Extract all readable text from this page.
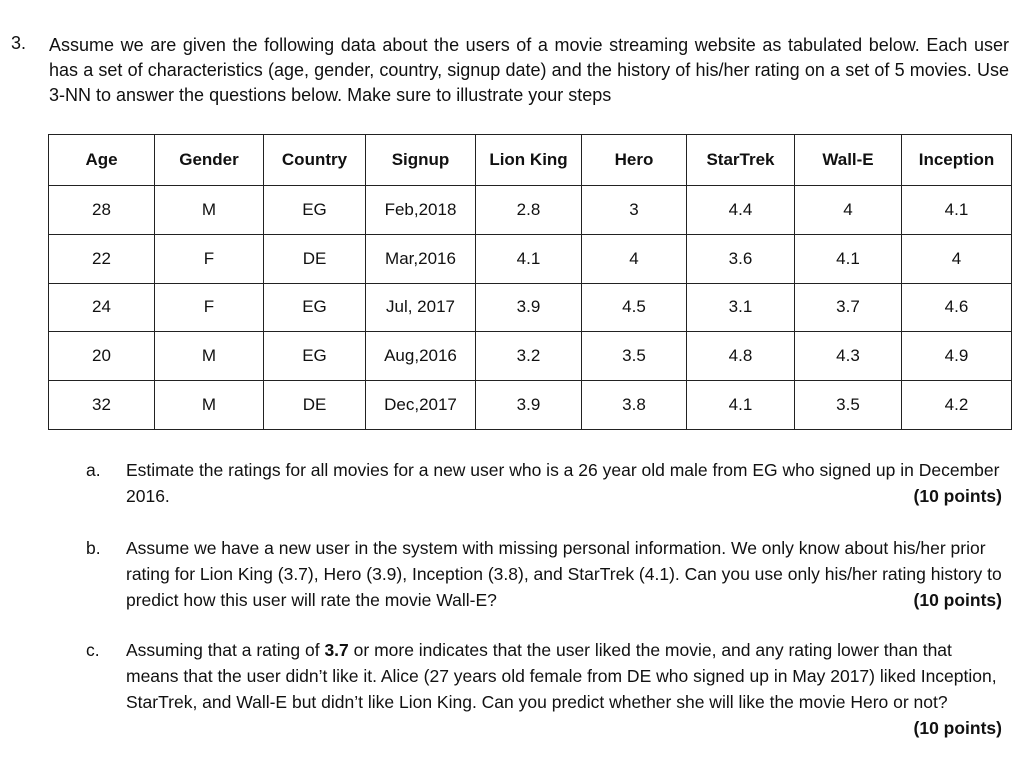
3. Assume we are given the following data about the users of a movie streaming website as tabulated below. Each user has a set of characteristics (age, gender, country, signup date) and the history of his/her rating on a set of 5 movies. Use 3-NN to answer the questions below. Make sure to illustrate your steps
Age	Gender	Country	Signup	Lion King	Hero	StarTrek	Wall-E	Inception
28	M	EG	Feb,2018	2.8	3	4.4	4	4.1
22	F	DE	Mar,2016	4.1	4	3.6	4.1	4
24	F	EG	Jul, 2017	3.9	4.5	3.1	3.7	4.6
20	M	EG	Aug,2016	3.2	3.5	4.8	4.3	4.9
32	M	DE	Dec,2017	3.9	3.8	4.1	3.5	4.2
a. Estimate the ratings for all movies for a new user who is a 26 year old male from EG who signed up in December 2016.	(10 points)
b. Assume we have a new user in the system with missing personal information. We only know about his/her prior rating for Lion King (3.7), Hero (3.9), Inception (3.8), and StarTrek (4.1). Can you use only his/her rating history to predict how this user will rate the movie Wall-E?	(10 points)
c. Assuming that a rating of 3.7 or more indicates that the user liked the movie, and any rating lower than that means that the user didn’t like it. Alice (27 years old female from DE who signed up in May 2017) liked Inception, StarTrek, and Wall-E but didn’t like Lion King. Can you predict whether she will like the movie Hero or not?
(10 points)
